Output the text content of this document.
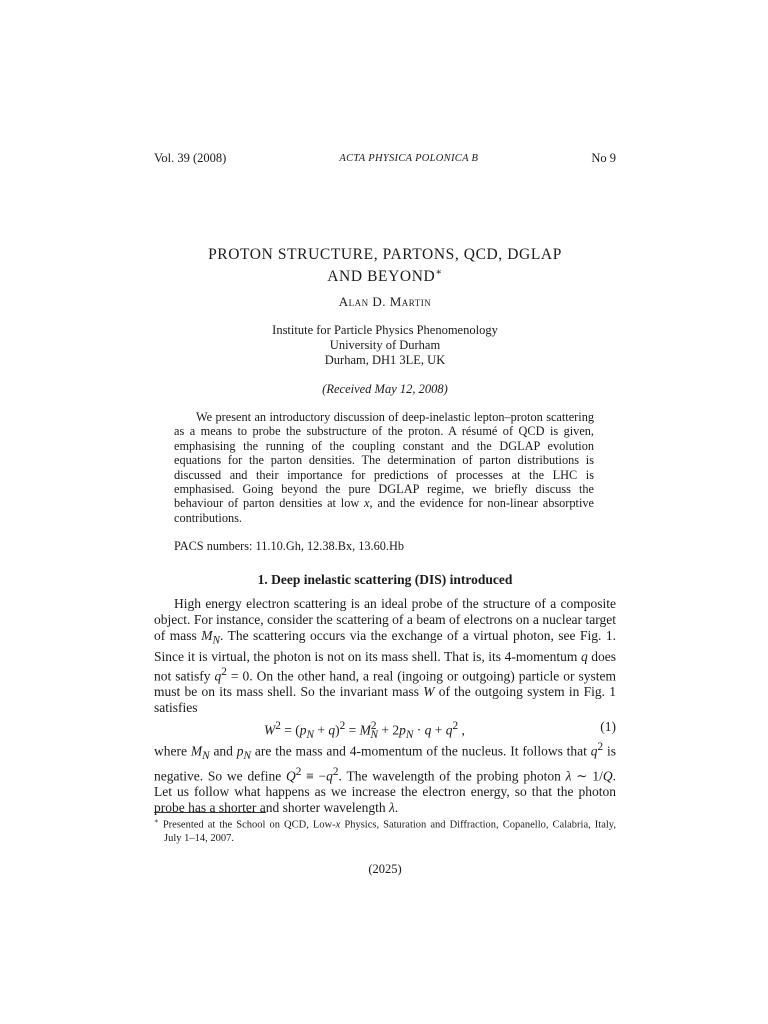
Vol. 39 (2008)	ACTA PHYSICA POLONICA B	No 9
PROTON STRUCTURE, PARTONS, QCD, DGLAP
AND BEYOND∗
Alan D. Martin
Institute for Particle Physics Phenomenology
University of Durham
Durham, DH1 3LE, UK
(Received May 12, 2008)
We present an introductory discussion of deep-inelastic lepton–proton scattering as a means to probe the substructure of the proton. A résumé of QCD is given, emphasising the running of the coupling constant and the DGLAP evolution equations for the parton densities. The determination of parton distributions is discussed and their importance for predictions of processes at the LHC is emphasised. Going beyond the pure DGLAP regime, we briefly discuss the behaviour of parton densities at low x, and the evidence for non-linear absorptive contributions.
PACS numbers: 11.10.Gh, 12.38.Bx, 13.60.Hb
1. Deep inelastic scattering (DIS) introduced

High energy electron scattering is an ideal probe of the structure of a composite object. For instance, consider the scattering of a beam of electrons on a nuclear target of mass $M_N$. The scattering occurs via the exchange of a virtual photon, see Fig. 1. Since it is virtual, the photon is not on its mass shell. That is, its 4-momentum q does not satisfy $q^2 = 0$. On the other hand, a real (ingoing or outgoing) particle or system must be on its mass shell. So the invariant mass W of the outgoing system in Fig. 1 satisfies

$W^2 = (p_N + q)^2 = M^2_N + 2p_N \cdot q + q^2$ ,	(1)

where $M_N$ and $p_N$ are the mass and 4-momentum of the nucleus. It follows that $q^2$ is negative. So we define $Q^2 \equiv -q^2$. The wavelength of the probing photon λ ∼ 1/Q. Let us follow what happens as we increase the electron energy, so that the photon probe has a shorter and shorter wavelength λ.

∗ Presented at the School on QCD, Low-x Physics, Saturation and Diffraction, Copanello, Calabria, Italy, July 1–14, 2007.
(2025)
